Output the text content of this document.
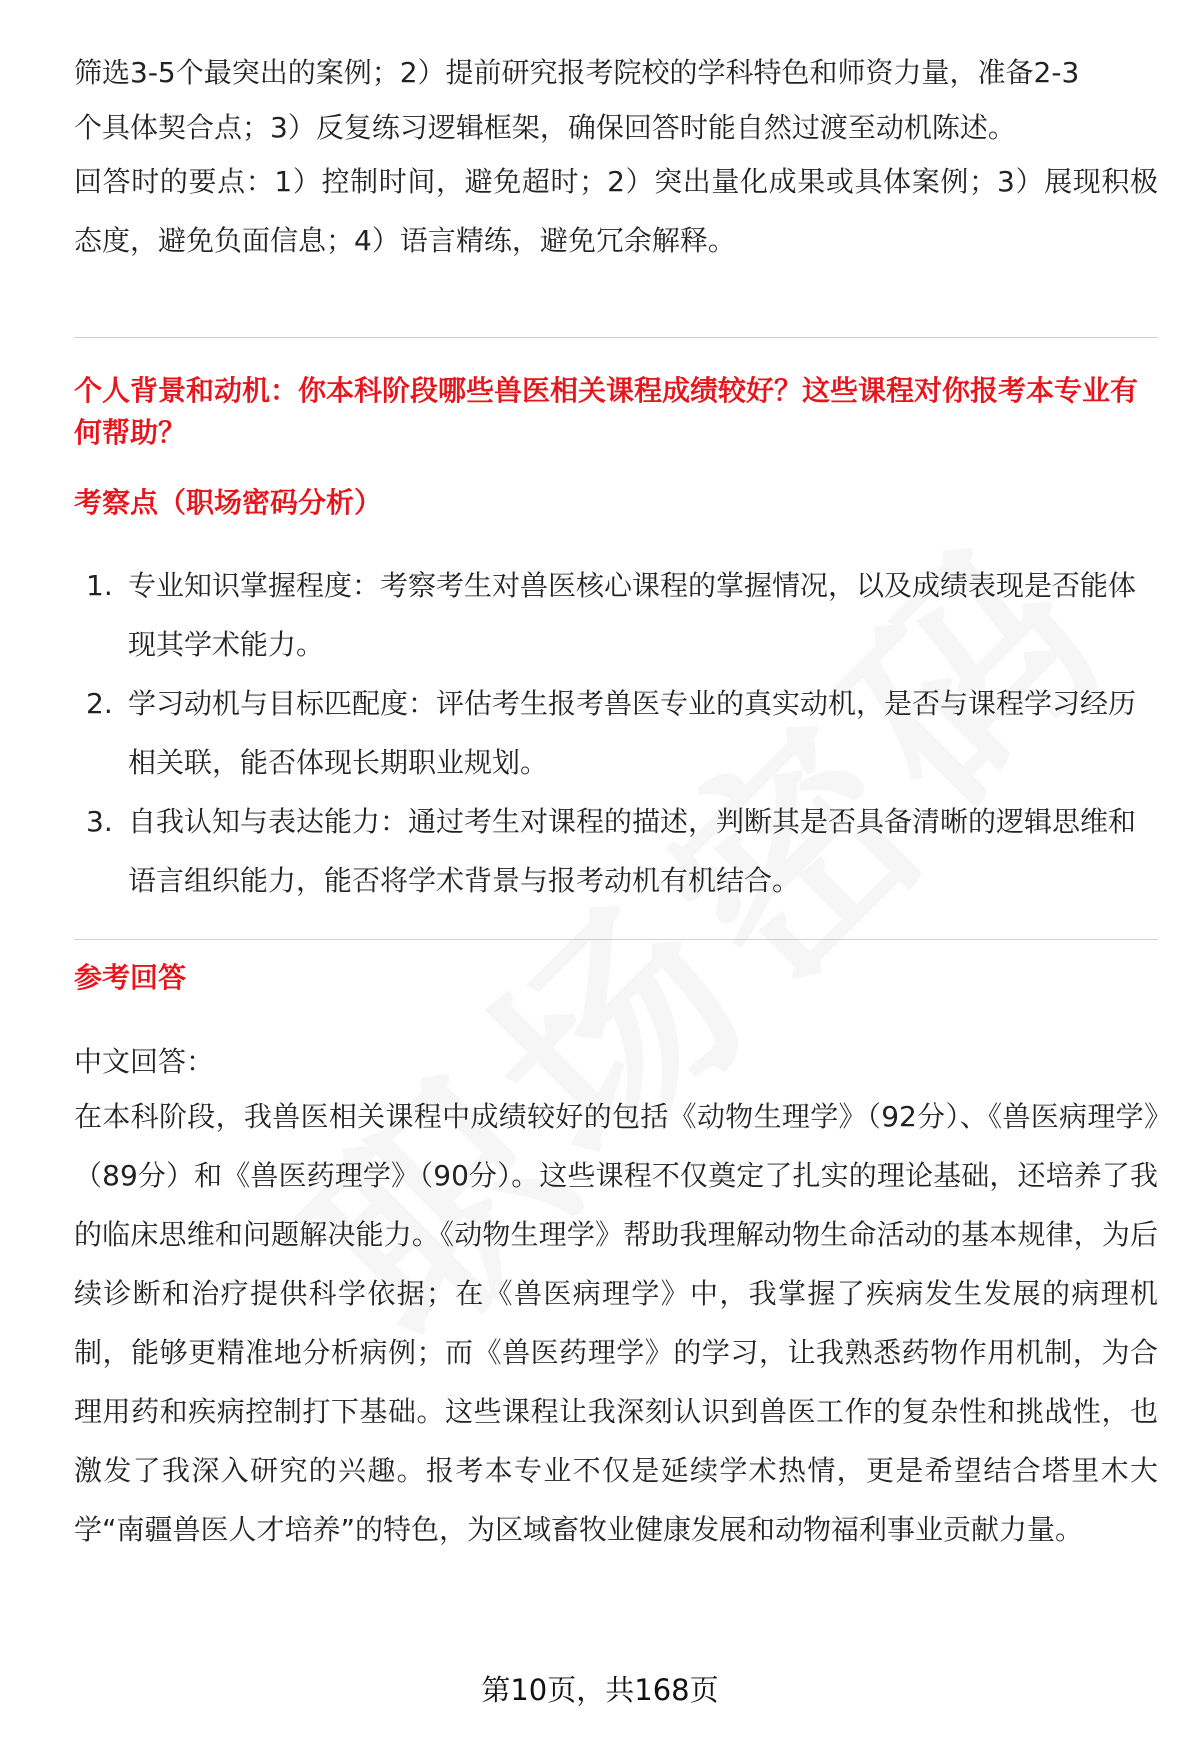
筛选3-5个最突出的案例；2）提前研究报考院校的学科特色和师资力量，准备2-3

个具体契合点；3）反复练习逻辑框架，确保回答时能自然过渡至动机陈述。

回答时的要点：1）控制时间，避免超时；2）突出量化成果或具体案例；3）展现积极态度，避免负面信息；4）语言精练，避免冗余解释。

个人背景和动机：你本科阶段哪些兽医相关课程成绩较好？这些课程对你报考本专业有何帮助？

考察点（职场密码分析）

1. 专业知识掌握程度：考察考生对兽医核心课程的掌握情况，以及成绩表现是否能体现其学术能力。
2. 学习动机与目标匹配度：评估考生报考兽医专业的真实动机，是否与课程学习经历相关联，能否体现长期职业规划。
3. 自我认知与表达能力：通过考生对课程的描述，判断其是否具备清晰的逻辑思维和语言组织能力，能否将学术背景与报考动机有机结合。

参考回答

中文回答：

在本科阶段，我兽医相关课程中成绩较好的包括《动物生理学》（92分）、《兽医病理学》（89分）和《兽医药理学》（90分）。这些课程不仅奠定了扎实的理论基础，还培养了我的临床思维和问题解决能力。《动物生理学》帮助我理解动物生命活动的基本规律，为后续诊断和治疗提供科学依据；在《兽医病理学》中，我掌握了疾病发生发展的病理机制，能够更精准地分析病例；而《兽医药理学》的学习，让我熟悉药物作用机制，为合理用药和疾病控制打下基础。这些课程让我深刻认识到兽医工作的复杂性和挑战性，也激发了我深入研究的兴趣。报考本专业不仅是延续学术热情，更是希望结合塔里木大学“南疆兽医人才培养”的特色，为区域畜牧业健康发展和动物福利事业贡献力量。

第10页，共168页
